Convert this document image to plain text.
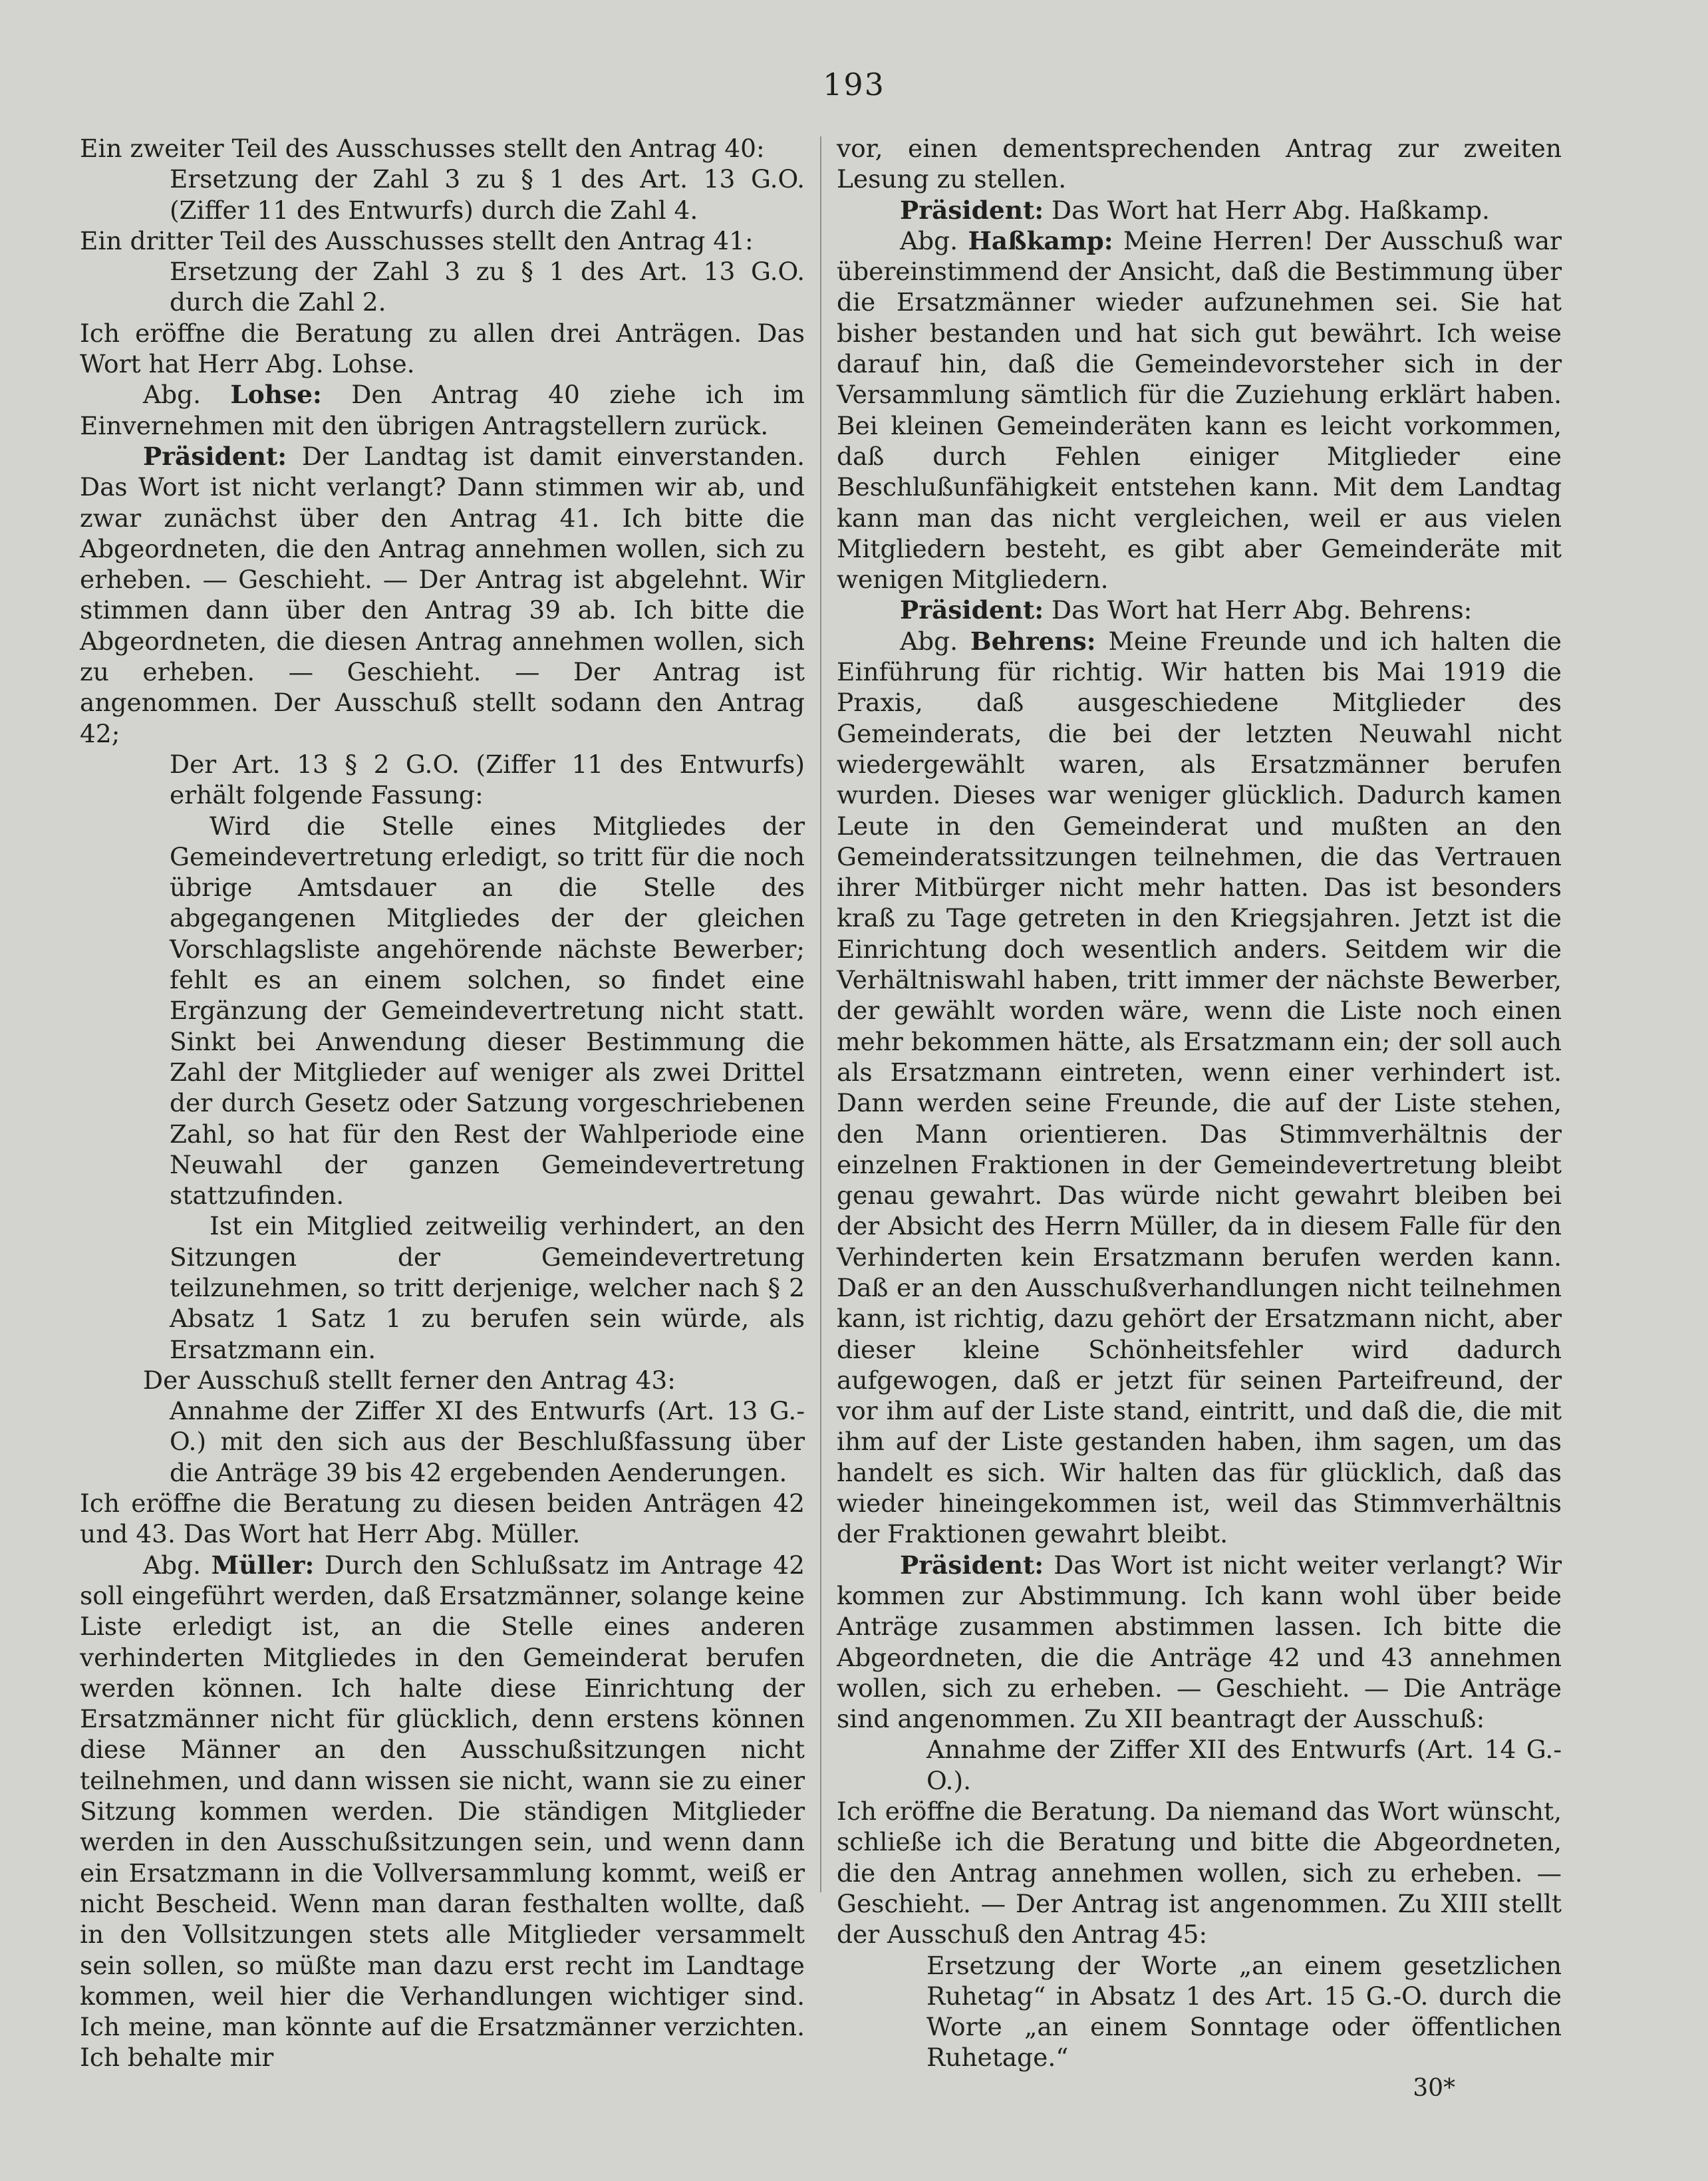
193

Ein zweiter Teil des Ausschusses stellt den Antrag 40:

Ersetzung der Zahl 3 zu § 1 des Art. 13 G.O. (Ziffer 11 des Entwurfs) durch die Zahl 4.

Ein dritter Teil des Ausschusses stellt den Antrag 41:

Ersetzung der Zahl 3 zu § 1 des Art. 13 G.O. durch die Zahl 2.

Ich eröffne die Beratung zu allen drei Anträgen. Das Wort hat Herr Abg. Lohse.

Abg. Lohse: Den Antrag 40 ziehe ich im Einvernehmen mit den übrigen Antragstellern zurück.

Präsident: Der Landtag ist damit einverstanden. Das Wort ist nicht verlangt? Dann stimmen wir ab, und zwar zunächst über den Antrag 41. Ich bitte die Abgeordneten, die den Antrag annehmen wollen, sich zu erheben. — Geschieht. — Der Antrag ist abgelehnt. Wir stimmen dann über den Antrag 39 ab. Ich bitte die Abgeordneten, die diesen Antrag annehmen wollen, sich zu erheben. — Geschieht. — Der Antrag ist angenommen. Der Ausschuß stellt sodann den Antrag 42;

Der Art. 13 § 2 G.O. (Ziffer 11 des Entwurfs) erhält folgende Fassung:

Wird die Stelle eines Mitgliedes der Gemeindevertretung erledigt, so tritt für die noch übrige Amtsdauer an die Stelle des abgegangenen Mitgliedes der der gleichen Vorschlagsliste angehörende nächste Bewerber; fehlt es an einem solchen, so findet eine Ergänzung der Gemeindevertretung nicht statt. Sinkt bei Anwendung dieser Bestimmung die Zahl der Mitglieder auf weniger als zwei Drittel der durch Gesetz oder Satzung vorgeschriebenen Zahl, so hat für den Rest der Wahlperiode eine Neuwahl der ganzen Gemeindevertretung stattzufinden.

Ist ein Mitglied zeitweilig verhindert, an den Sitzungen der Gemeindevertretung teilzunehmen, so tritt derjenige, welcher nach § 2 Absatz 1 Satz 1 zu berufen sein würde, als Ersatzmann ein.

Der Ausschuß stellt ferner den Antrag 43:

Annahme der Ziffer XI des Entwurfs (Art. 13 G.-O.) mit den sich aus der Beschlußfassung über die Anträge 39 bis 42 ergebenden Aenderungen.

Ich eröffne die Beratung zu diesen beiden Anträgen 42 und 43. Das Wort hat Herr Abg. Müller.

Abg. Müller: Durch den Schlußsatz im Antrage 42 soll eingeführt werden, daß Ersatzmänner, solange keine Liste erledigt ist, an die Stelle eines anderen verhinderten Mitgliedes in den Gemeinderat berufen werden können. Ich halte diese Einrichtung der Ersatzmänner nicht für glücklich, denn erstens können diese Männer an den Ausschußsitzungen nicht teilnehmen, und dann wissen sie nicht, wann sie zu einer Sitzung kommen werden. Die ständigen Mitglieder werden in den Ausschußsitzungen sein, und wenn dann ein Ersatzmann in die Vollversammlung kommt, weiß er nicht Bescheid. Wenn man daran festhalten wollte, daß in den Vollsitzungen stets alle Mitglieder versammelt sein sollen, so müßte man dazu erst recht im Landtage kommen, weil hier die Verhandlungen wichtiger sind. Ich meine, man könnte auf die Ersatzmänner verzichten. Ich behalte mir

vor, einen dementsprechenden Antrag zur zweiten Lesung zu stellen.

Präsident: Das Wort hat Herr Abg. Haßkamp.

Abg. Haßkamp: Meine Herren! Der Ausschuß war übereinstimmend der Ansicht, daß die Bestimmung über die Ersatzmänner wieder aufzunehmen sei. Sie hat bisher bestanden und hat sich gut bewährt. Ich weise darauf hin, daß die Gemeindevorsteher sich in der Versammlung sämtlich für die Zuziehung erklärt haben. Bei kleinen Gemeinderäten kann es leicht vorkommen, daß durch Fehlen einiger Mitglieder eine Beschlußunfähigkeit entstehen kann. Mit dem Landtag kann man das nicht vergleichen, weil er aus vielen Mitgliedern besteht, es gibt aber Gemeinderäte mit wenigen Mitgliedern.

Präsident: Das Wort hat Herr Abg. Behrens:

Abg. Behrens: Meine Freunde und ich halten die Einführung für richtig. Wir hatten bis Mai 1919 die Praxis, daß ausgeschiedene Mitglieder des Gemeinderats, die bei der letzten Neuwahl nicht wiedergewählt waren, als Ersatzmänner berufen wurden. Dieses war weniger glücklich. Dadurch kamen Leute in den Gemeinderat und mußten an den Gemeinderatssitzungen teilnehmen, die das Vertrauen ihrer Mitbürger nicht mehr hatten. Das ist besonders kraß zu Tage getreten in den Kriegsjahren. Jetzt ist die Einrichtung doch wesentlich anders. Seitdem wir die Verhältniswahl haben, tritt immer der nächste Bewerber, der gewählt worden wäre, wenn die Liste noch einen mehr bekommen hätte, als Ersatzmann ein; der soll auch als Ersatzmann eintreten, wenn einer verhindert ist. Dann werden seine Freunde, die auf der Liste stehen, den Mann orientieren. Das Stimmverhältnis der einzelnen Fraktionen in der Gemeindevertretung bleibt genau gewahrt. Das würde nicht gewahrt bleiben bei der Absicht des Herrn Müller, da in diesem Falle für den Verhinderten kein Ersatzmann berufen werden kann. Daß er an den Ausschußverhandlungen nicht teilnehmen kann, ist richtig, dazu gehört der Ersatzmann nicht, aber dieser kleine Schönheitsfehler wird dadurch aufgewogen, daß er jetzt für seinen Parteifreund, der vor ihm auf der Liste stand, eintritt, und daß die, die mit ihm auf der Liste gestanden haben, ihm sagen, um das handelt es sich. Wir halten das für glücklich, daß das wieder hineingekommen ist, weil das Stimmverhältnis der Fraktionen gewahrt bleibt.

Präsident: Das Wort ist nicht weiter verlangt? Wir kommen zur Abstimmung. Ich kann wohl über beide Anträge zusammen abstimmen lassen. Ich bitte die Abgeordneten, die die Anträge 42 und 43 annehmen wollen, sich zu erheben. — Geschieht. — Die Anträge sind angenommen. Zu XII beantragt der Ausschuß:

Annahme der Ziffer XII des Entwurfs (Art. 14 G.-O.).

Ich eröffne die Beratung. Da niemand das Wort wünscht, schließe ich die Beratung und bitte die Abgeordneten, die den Antrag annehmen wollen, sich zu erheben. — Geschieht. — Der Antrag ist angenommen. Zu XIII stellt der Ausschuß den Antrag 45:

Ersetzung der Worte „an einem gesetzlichen Ruhetag“ in Absatz 1 des Art. 15 G.-O. durch die Worte „an einem Sonntage oder öffentlichen Ruhetage.“

30*
